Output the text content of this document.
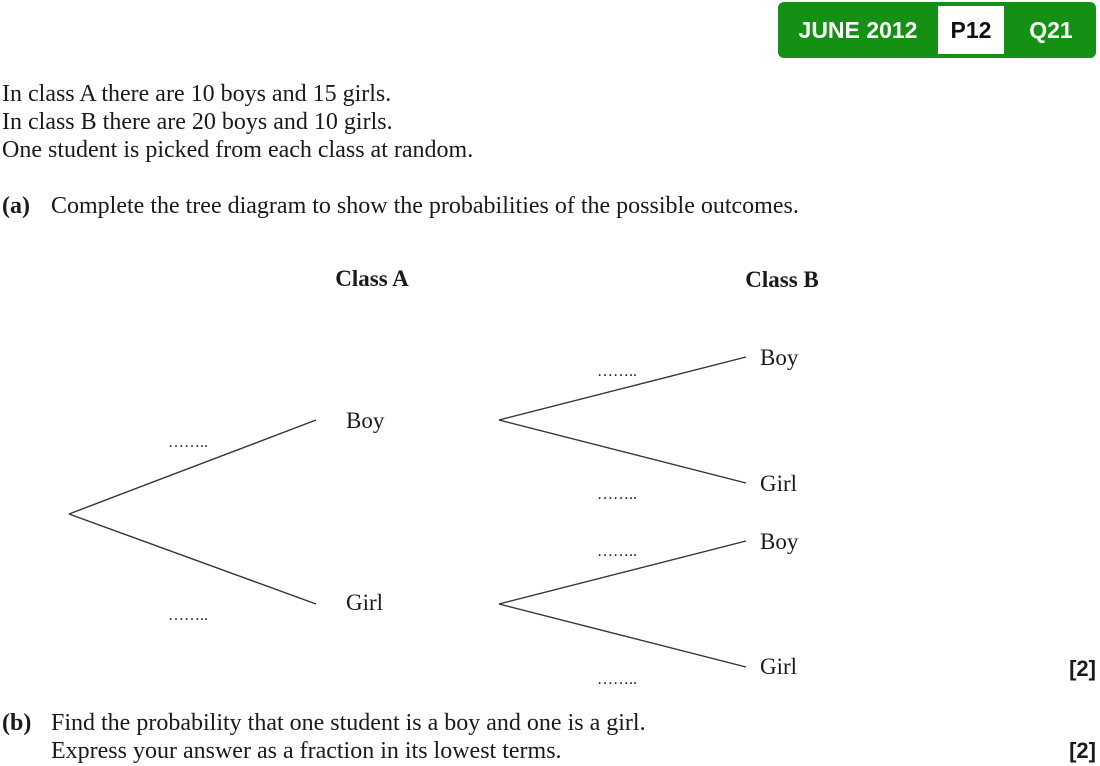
JUNE 2012	P12	Q21
In class A there are 10 boys and 15 girls.
In class B there are 20 boys and 10 girls.
One student is picked from each class at random.
(a) Complete the tree diagram to show the probabilities of the possible outcomes.
Class A	Class B
Boy
Girl
Boy
Girl
Boy
Girl
……..
……..
……..
……..
……..
……..	[2]
(b) Find the probability that one student is a boy and one is a girl.
Express your answer as a fraction in its lowest terms.	[2]
